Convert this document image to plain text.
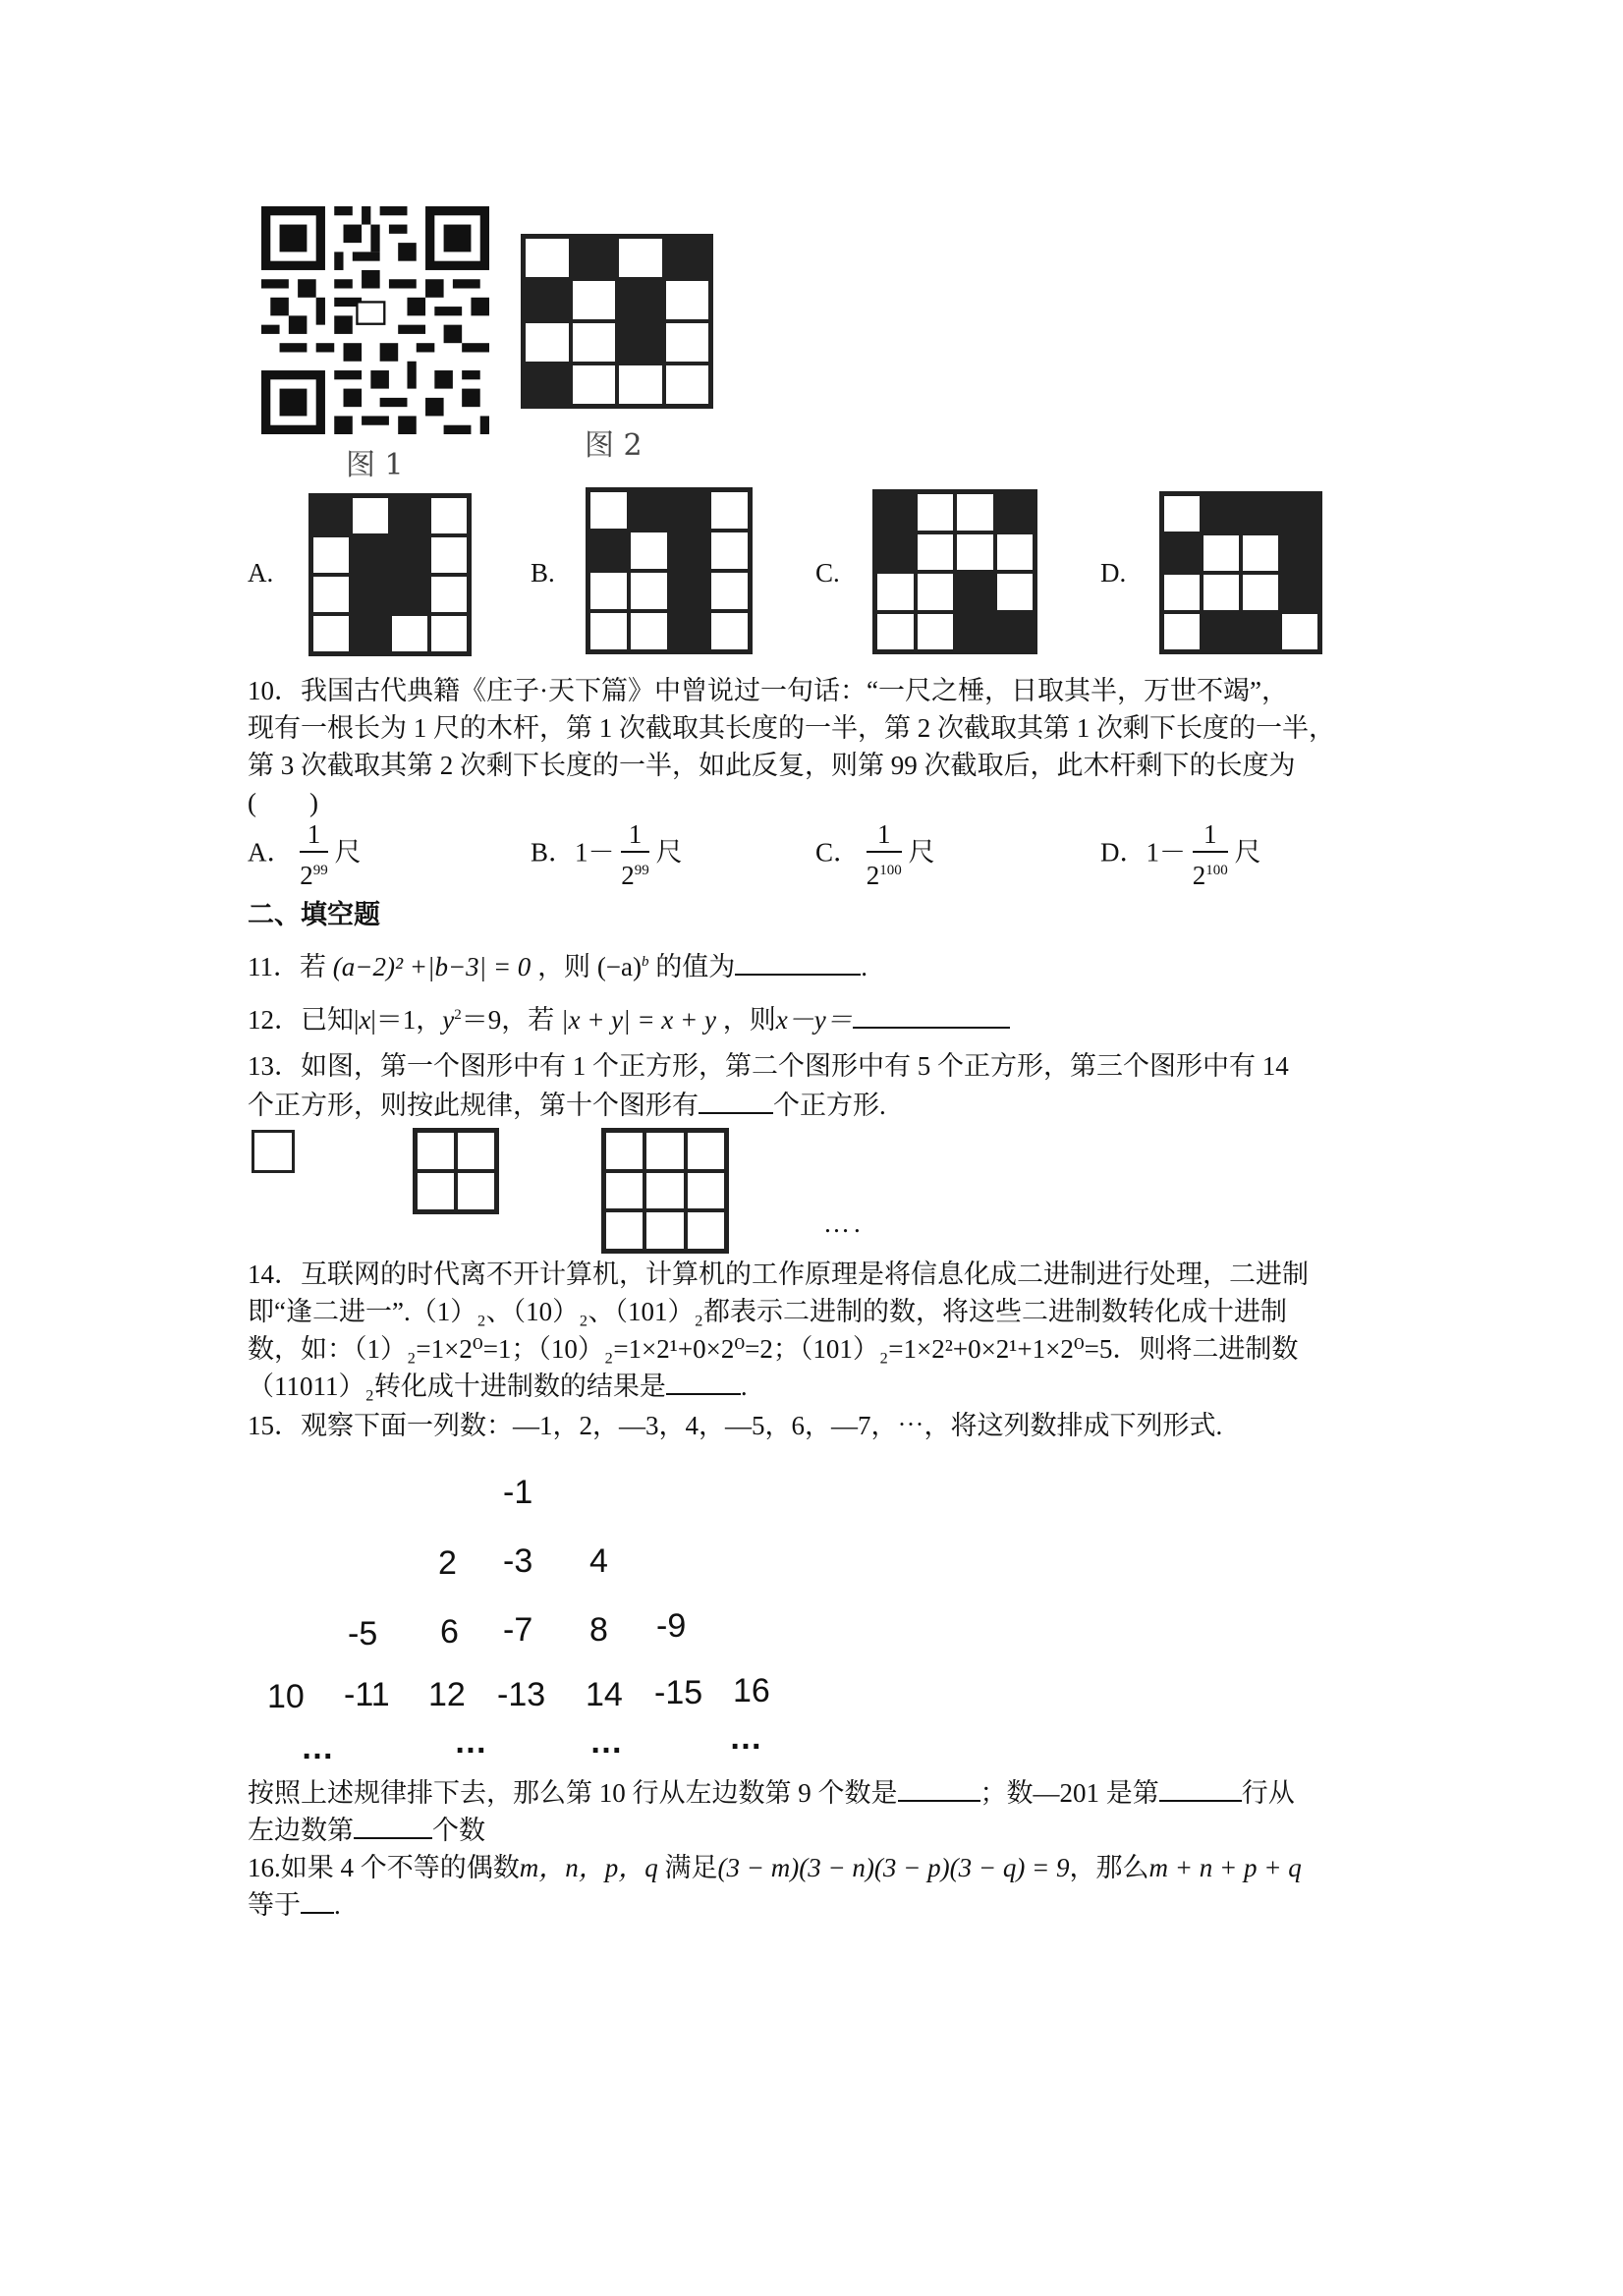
图 1
图 2
A.	B.	C.	D.
10．我国古代典籍《庄子·天下篇》中曾说过一句话：“一尺之棰，日取其半，万世不竭”，
现有一根长为 1 尺的木杆，第 1 次截取其长度的一半，第 2 次截取其第 1 次剩下长度的一半，
第 3 次截取其第 2 次剩下长度的一半，如此反复，则第 99 次截取后，此木杆剩下的长度为
(　　)
A． $\frac{1}{2^{99}}$ 尺	B．$1- \frac{1}{2^{99}}$ 尺	C． $\frac{1}{2^{100}}$ 尺	D．$1- \frac{1}{2^{100}}$ 尺
二、填空题
11．若 (a−2)² +|b−3| = 0 ，则 $(-a)^b$ 的值为	.
12．已知|x|＝1，$y^2=9$，若 |x + y| = x + y ，则x－y＝
13．如图，第一个图形中有 1 个正方形，第二个图形中有 5 个正方形，第三个图形中有 14
个正方形，则按此规律，第十个图形有	个正方形.
….
14．互联网的时代离不开计算机，计算机的工作原理是将信息化成二进制进行处理，二进制
即“逢二进一”.（1）₂、（10）₂、（101）₂都表示二进制的数，将这些二进制数转化成十进制
数，如：（1）₂=1×2⁰=1；（10）₂=1×2¹+0×2⁰=2；（101）₂=1×2²+0×2¹+1×2⁰=5．则将二进制数
（11011）₂转化成十进制数的结果是	.
15．观察下面一列数：—1，2，—3，4，—5，6，—7，⋯，将这列数排成下列形式.
-1
2 -3 4
-5 6 -7 8 -9
10 -11 12 -13 14 -15 16
…	…	…	…
按照上述规律排下去，那么第 10 行从左边数第 9 个数是	；数—201 是第	行从
左边数第	个数
16.如果 4 个不等的偶数m，n，p，q 满足(3 − m)(3 − n)(3 − p)(3 − q) = 9，那么m + n + p + q
等于 .
